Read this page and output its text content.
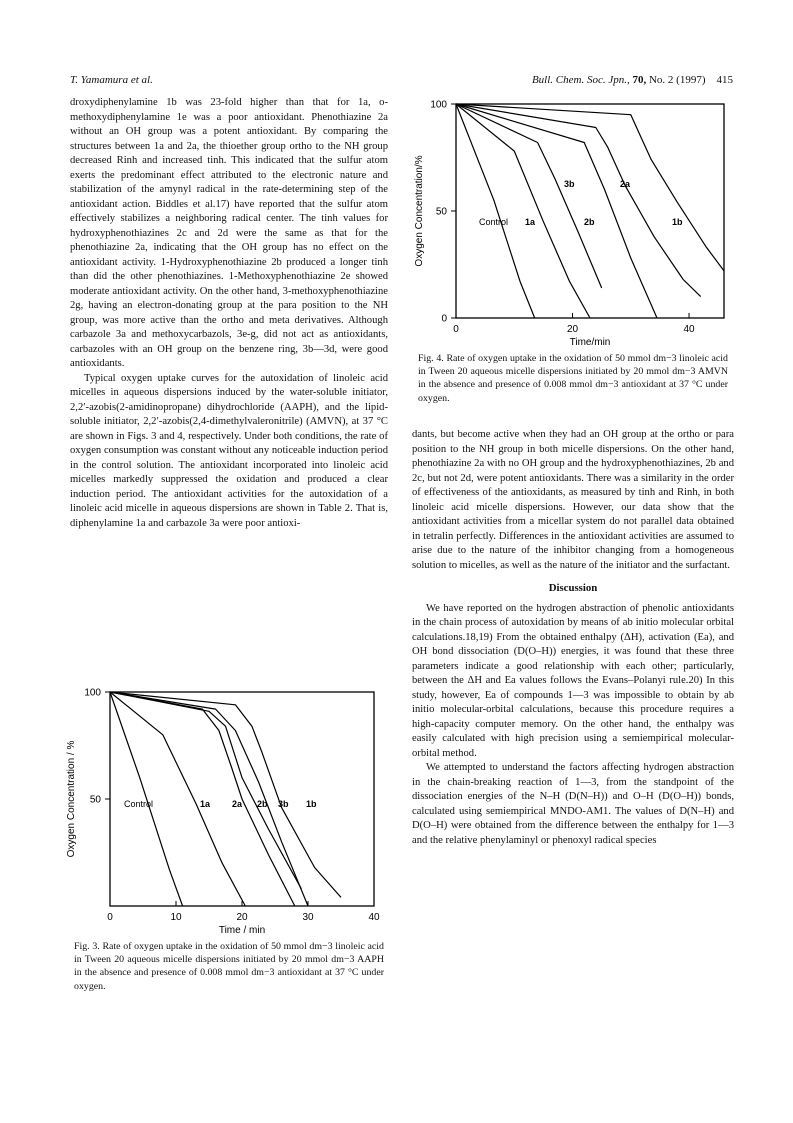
T. Yamamura et al.	Bull. Chem. Soc. Jpn., 70, No. 2 (1997) 415

droxydiphenylamine 1b was 23-fold higher than that for 1a, o-methoxydiphenylamine 1e was a poor antioxidant. Phenothiazine 2a without an OH group was a potent antioxidant. By comparing the structures between 1a and 2a, the thioether group ortho to the NH group decreased Rinh and increased tinh. This indicated that the sulfur atom exerts the predominant effect attributed to the electronic nature and stabilization of the amynyl radical in the rate-determining step of the antioxidant action. Biddles et al.17) have reported that the sulfur atom effectively stabilizes a neighboring radical center. The tinh values for hydroxyphenothiazines 2c and 2d were the same as that for the phenothiazine 2a, indicating that the OH group has no effect on the antioxidant activity. 1-Hydroxyphenothiazine 2b produced a longer tinh than did the other phenothiazines. 1-Methoxyphenothiazine 2e showed moderate antioxidant activity. On the other hand, 3-methoxyphenothiazine 2g, having an electron-donating group at the para position to the NH group, was more active than the ortho and meta derivatives. Although carbazole 3a and methoxycarbazols, 3e-g, did not act as antioxidants, carbazoles with an OH group on the benzene ring, 3b—3d, were good antioxidants.

Typical oxygen uptake curves for the autoxidation of linoleic acid micelles in aqueous dispersions induced by the water-soluble initiator, 2,2′-azobis(2-amidinopropane) dihydrochloride (AAPH), and the lipid-soluble initiator, 2,2′-azobis(2,4-dimethylvaleronitrile) (AMVN), at 37 °C are shown in Figs. 3 and 4, respectively. Under both conditions, the rate of oxygen consumption was constant without any noticeable induction period in the control solution. The antioxidant incorporated into linoleic acid micelles markedly suppressed the oxidation and produced a clear induction period. The antioxidant activities for the autoxidation of a linoleic acid micelle in aqueous dispersions are shown in Table 2. That is, diphenylamine 1a and carbazole 3a were poor antioxi-

0	20	40
0
50
100
Time/min
Oxygen Concentration/%	Control 1a
3b
2b
2a
1b
Fig. 4. Rate of oxygen uptake in the oxidation of 50 mmol dm−3 linoleic acid in Tween 20 aqueous micelle dispersions initiated by 20 mmol dm−3 AMVN in the absence and presence of 0.008 mmol dm−3 antioxidant at 37 °C under oxygen.

dants, but become active when they had an OH group at the ortho or para position to the NH group in both micelle dispersions. On the other hand, phenothiazine 2a with no OH group and the hydroxyphenothiazines, 2b and 2c, but not 2d, were potent antioxidants. There was a similarity in the order of effectiveness of the antioxidants, as measured by tinh and Rinh, in both linoleic acid micelle dispersions. However, our data show that the antioxidant activities from a micellar system do not parallel data obtained in tetralin perfectly. Differences in the antioxidant activities are assumed to arise due to the nature of the inhibitor changing from a homogeneous solution to micelles, as well as the nature of the initiator and the surfactant.

Discussion

We have reported on the hydrogen abstraction of phenolic antioxidants in the chain process of autoxidation by means of ab initio molecular orbital calculations.18,19) From the obtained enthalpy (ΔH), activation (Ea), and OH bond dissociation (D(O–H)) energies, it was found that these three parameters indicate a good relationship with each other; particularly, between the ΔH and Ea values follows the Evans–Polanyi rule.20) In this study, however, Ea of compounds 1—3 was impossible to obtain by ab initio molecular-orbital calculations, because this procedure requires a high-capacity computer memory. On the other hand, the enthalpy was easily calculated with high precision using a semiempirical molecular-orbital method.

We attempted to understand the factors affecting hydrogen abstraction in the chain-breaking reaction of 1—3, from the standpoint of the dissociation energies of the N–H (D(N–H)) and O–H (D(O–H)) bonds, calculated using semiempirical MNDO-AM1. The values of D(N–H) and D(O–H) were obtained from the difference between the enthalpy for 1—3 and the relative phenylaminyl or phenoxyl radical species

0	10	20	30	40
50
100
Time / min
Oxygen Concentration / %	Control	1a 2a 2b 3b 1b
Fig. 3. Rate of oxygen uptake in the oxidation of 50 mmol dm−3 linoleic acid in Tween 20 aqueous micelle dispersions initiated by 20 mmol dm−3 AAPH in the absence and presence of 0.008 mmol dm−3 antioxidant at 37 °C under oxygen.
